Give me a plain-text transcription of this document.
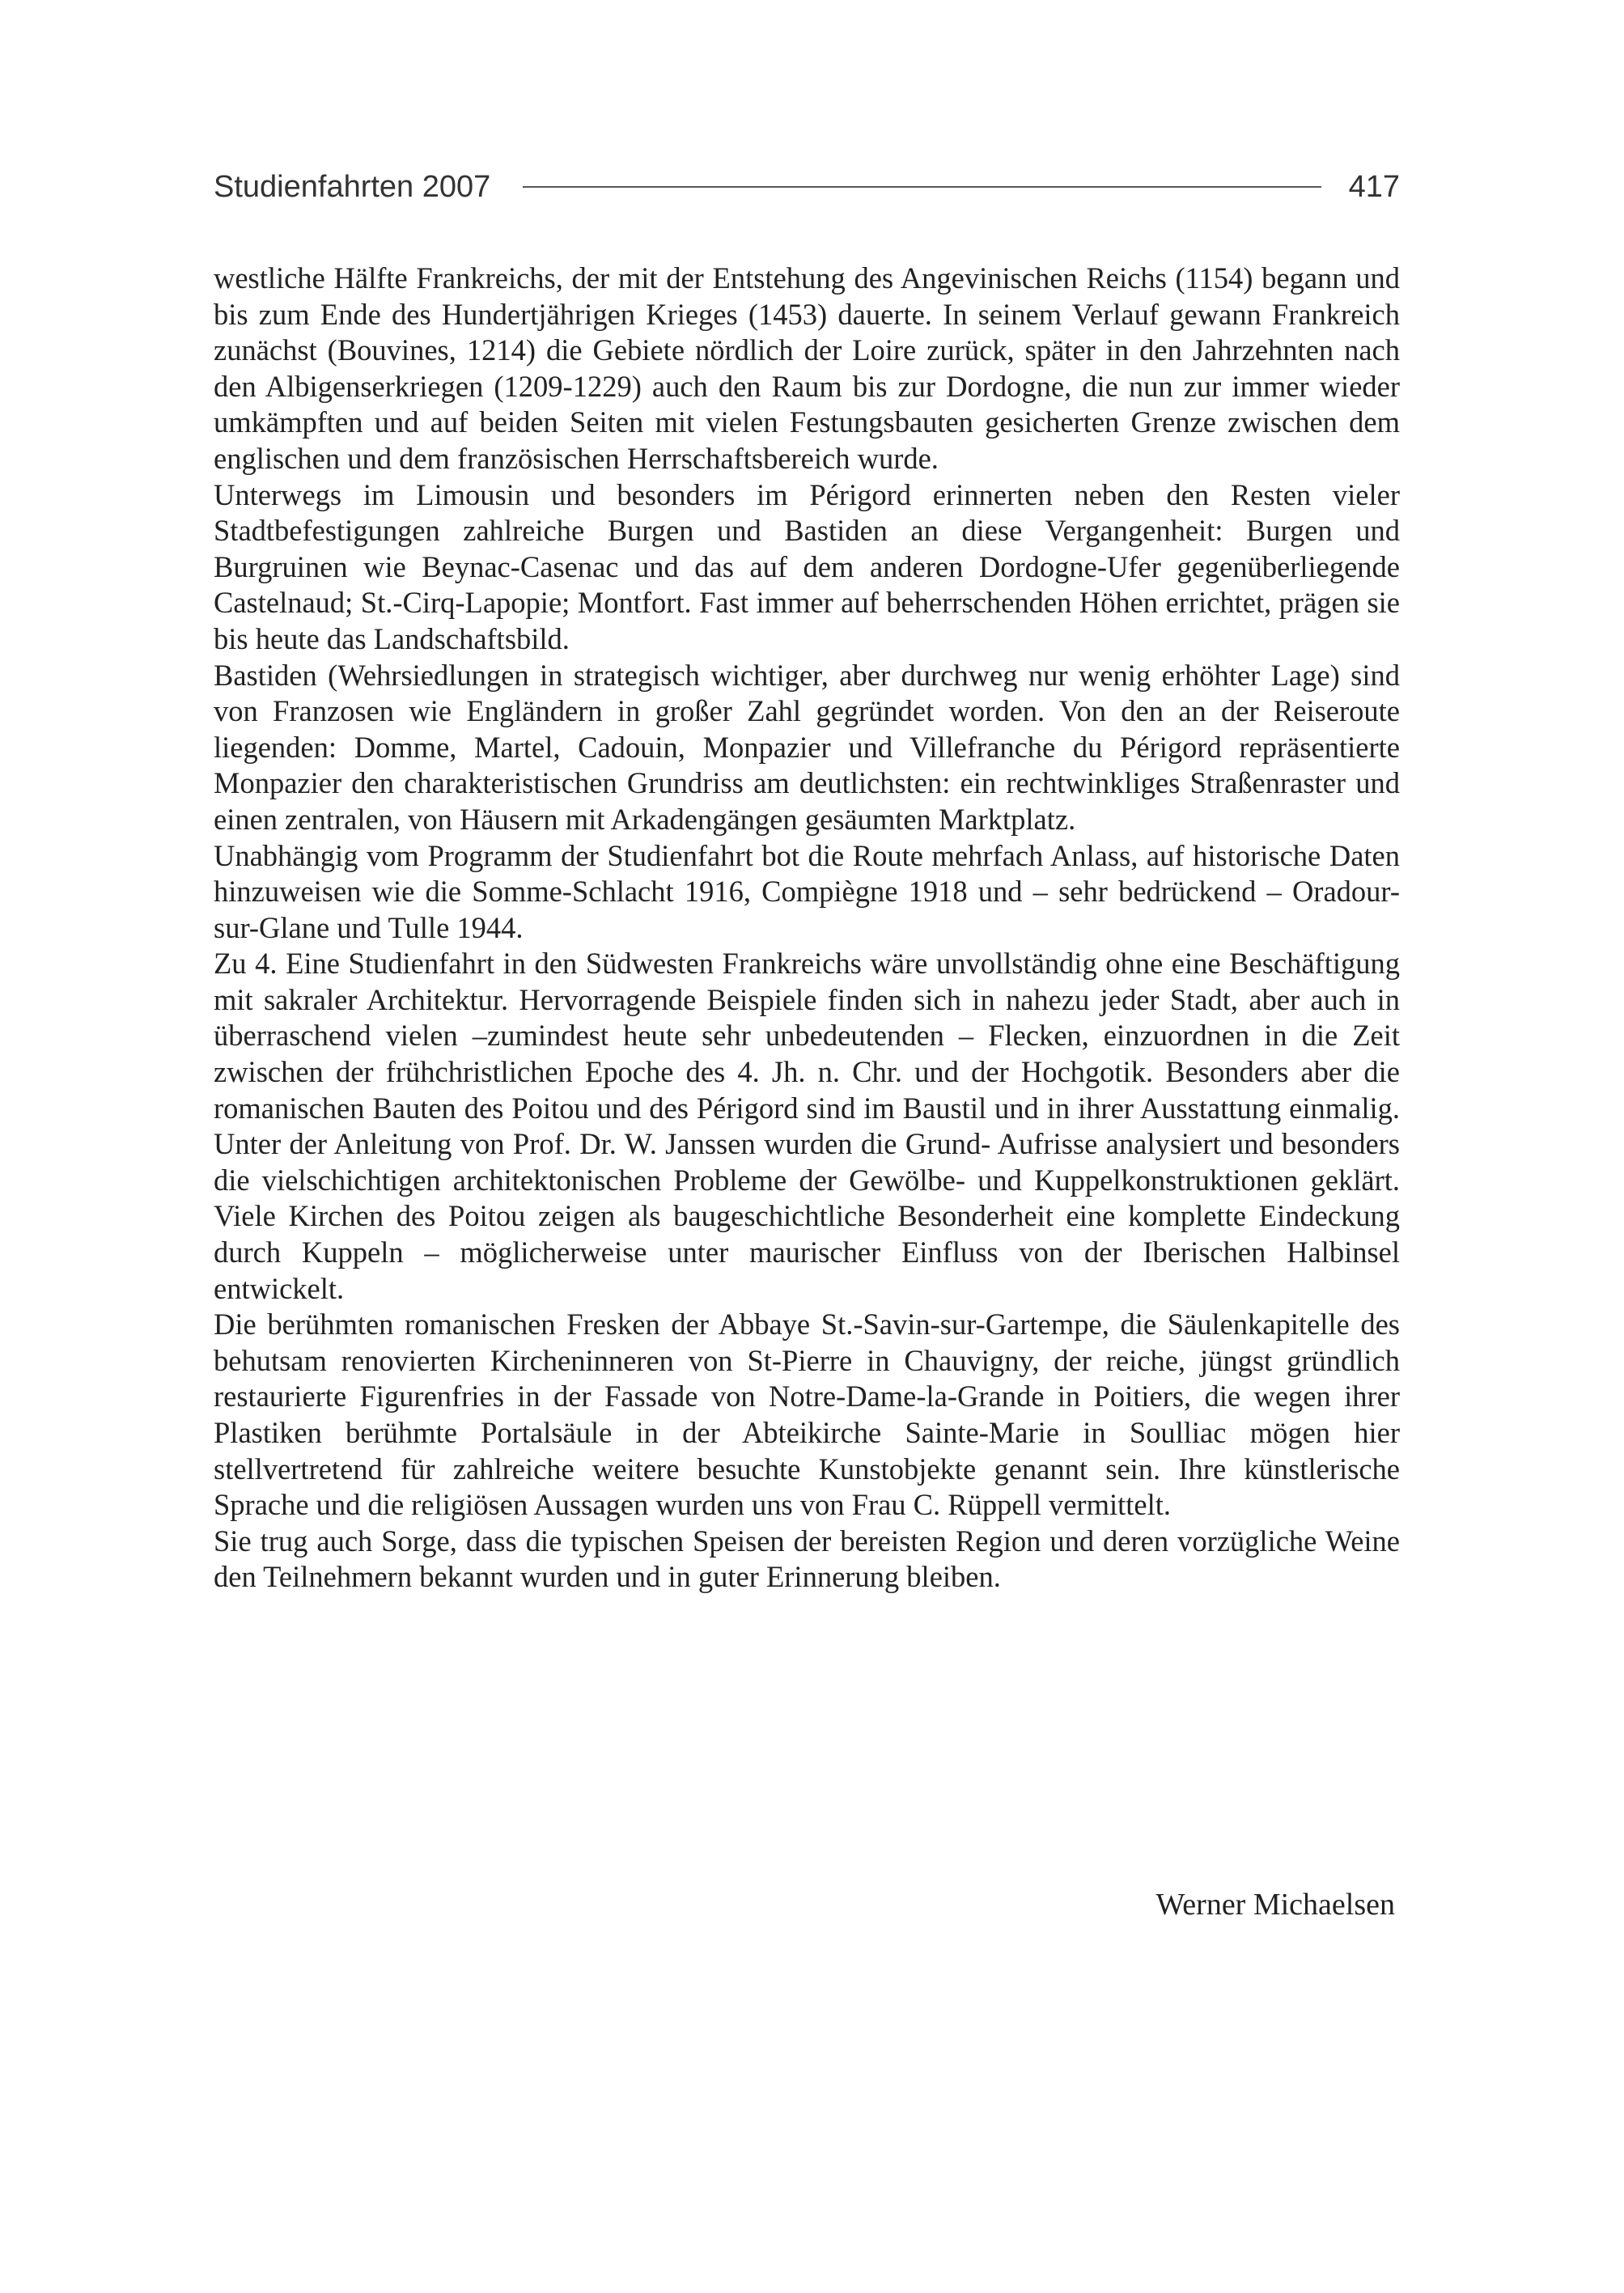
Studienfahrten 2007	417

westliche Hälfte Frankreichs, der mit der Entstehung des Angevinischen Reichs (1154) begann und bis zum Ende des Hundertjährigen Krieges (1453) dauerte. In seinem Verlauf gewann Frankreich zunächst (Bouvines, 1214) die Gebiete nördlich der Loire zurück, später in den Jahrzehnten nach den Albigenserkriegen (1209-1229) auch den Raum bis zur Dordogne, die nun zur immer wieder umkämpften und auf beiden Seiten mit vielen Festungsbauten gesicherten Grenze zwischen dem englischen und dem französischen Herrschaftsbereich wurde.

Unterwegs im Limousin und besonders im Périgord erinnerten neben den Resten vieler Stadtbefestigungen zahlreiche Burgen und Bastiden an diese Vergangenheit: Burgen und Burgruinen wie Beynac-Casenac und das auf dem anderen Dordogne-Ufer gegenüberliegende Castelnaud; St.-Cirq-Lapopie; Montfort. Fast immer auf beherrschenden Höhen errichtet, prägen sie bis heute das Landschaftsbild.

Bastiden (Wehrsiedlungen in strategisch wichtiger, aber durchweg nur wenig erhöhter Lage) sind von Franzosen wie Engländern in großer Zahl gegründet worden. Von den an der Reiseroute liegenden: Domme, Martel, Cadouin, Monpazier und Villefranche du Périgord repräsentierte Monpazier den charakteristischen Grundriss am deutlichsten: ein rechtwinkliges Straßenraster und einen zentralen, von Häusern mit Arkadengängen gesäumten Marktplatz.

Unabhängig vom Programm der Studienfahrt bot die Route mehrfach Anlass, auf historische Daten hinzuweisen wie die Somme-Schlacht 1916, Compiègne 1918 und – sehr bedrückend – Oradour-sur-Glane und Tulle 1944.

Zu 4. Eine Studienfahrt in den Südwesten Frankreichs wäre unvollständig ohne eine Beschäftigung mit sakraler Architektur. Hervorragende Beispiele finden sich in nahezu jeder Stadt, aber auch in überraschend vielen –zumindest heute sehr unbedeutenden – Flecken, einzuordnen in die Zeit zwischen der frühchristlichen Epoche des 4. Jh. n. Chr. und der Hochgotik. Besonders aber die romanischen Bauten des Poitou und des Périgord sind im Baustil und in ihrer Ausstattung einmalig. Unter der Anleitung von Prof. Dr. W. Janssen wurden die Grund- Aufrisse analysiert und besonders die vielschichtigen architektonischen Probleme der Gewölbe- und Kuppelkonstruktionen geklärt. Viele Kirchen des Poitou zeigen als baugeschichtliche Besonderheit eine komplette Eindeckung durch Kuppeln – möglicherweise unter maurischer Einfluss von der Iberischen Halbinsel entwickelt.

Die berühmten romanischen Fresken der Abbaye St.-Savin-sur-Gartempe, die Säulenkapitelle des behutsam renovierten Kircheninneren von St-Pierre in Chauvigny, der reiche, jüngst gründlich restaurierte Figurenfries in der Fassade von Notre-Dame-la-Grande in Poitiers, die wegen ihrer Plastiken berühmte Portalsäule in der Abteikirche Sainte-Marie in Soulliac mögen hier stellvertretend für zahlreiche weitere besuchte Kunstobjekte genannt sein. Ihre künstlerische Sprache und die religiösen Aussagen wurden uns von Frau C. Rüppell vermittelt.

Sie trug auch Sorge, dass die typischen Speisen der bereisten Region und deren vorzügliche Weine den Teilnehmern bekannt wurden und in guter Erinnerung bleiben.

Werner Michaelsen
